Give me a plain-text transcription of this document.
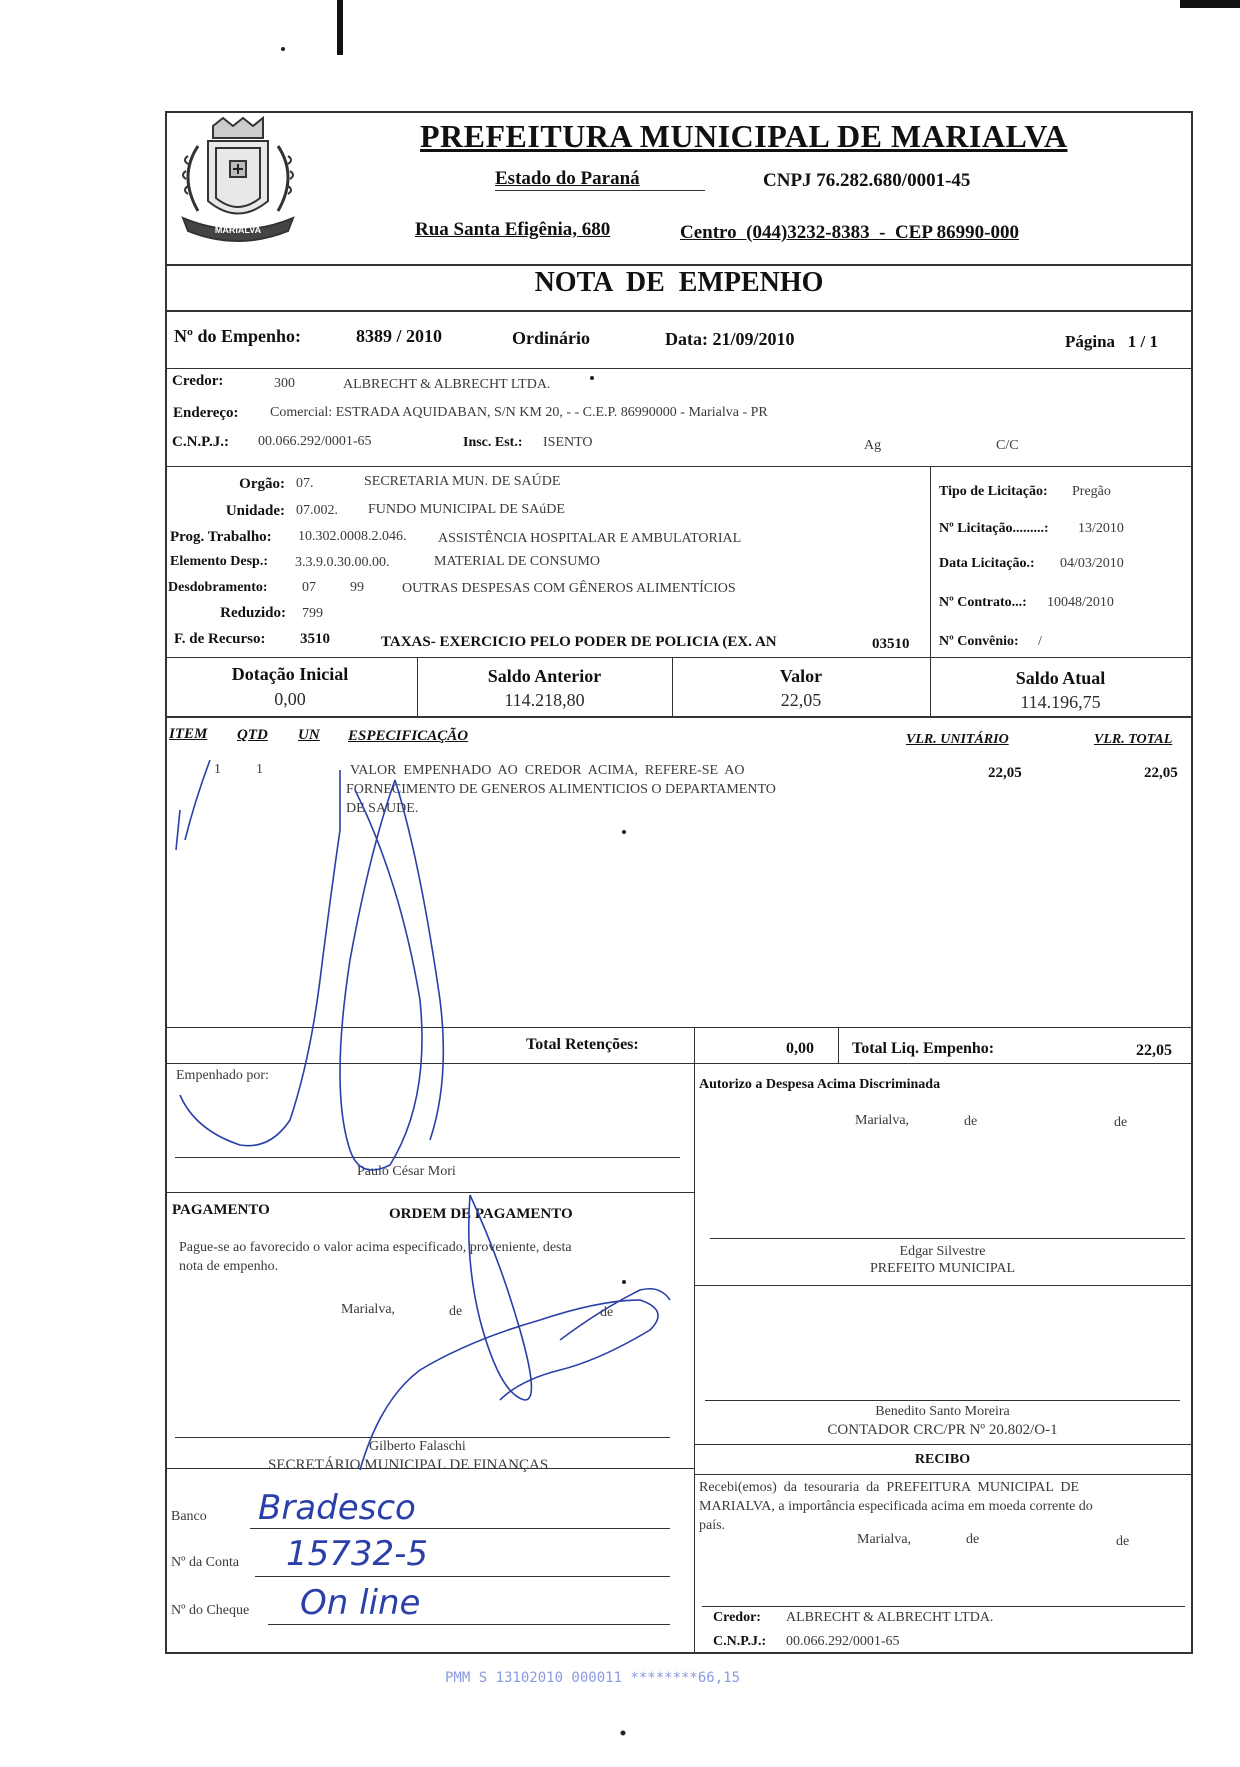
MARIALVA
PREFEITURA MUNICIPAL DE MARIALVA
Estado do Paraná	CNPJ 76.282.680/0001-45
Rua Santa Efigênia, 680	Centro  (044)3232-8383  -  CEP 86990-000
NOTA  DE  EMPENHO
Nº do Empenho:	8389 / 2010	Ordinário	Data: 21/09/2010	Página   1 / 1
Credor:	300	ALBRECHT & ALBRECHT LTDA.
Endereço: Comercial: ESTRADA AQUIDABAN, S/N KM 20, - - C.E.P. 86990000 - Marialva - PR
C.N.P.J.: 00.066.292/0001-65	Insc. Est.: ISENTO	Ag	C/C
Orgão: 07.	SECRETARIA MUN. DE SAÚDE
Unidade: 07.002. FUNDO MUNICIPAL DE SAúDE
Prog. Trabalho: 10.302.0008.2.046. ASSISTÊNCIA HOSPITALAR E AMBULATORIAL
Elemento Desp.: 3.3.9.0.30.00.00.	MATERIAL DE CONSUMO
Desdobramento: 07 99	OUTRAS DESPESAS COM GÊNEROS ALIMENTÍCIOS
Reduzido: 799
F. de Recurso: 3510	TAXAS- EXERCICIO PELO PODER DE POLICIA (EX. AN	03510
Tipo de Licitação: Pregão
Nº Licitação.........: 13/2010
Data Licitação.: 04/03/2010
Nº Contrato...: 10048/2010
Nº Convênio: /
Dotação Inicial
0,00
Saldo Anterior
114.218,80
Valor
22,05
Saldo Atual
114.196,75
ITEM QTD UN ESPECIFICAÇÃO	VLR. UNITÁRIO	VLR. TOTAL
1	1	VALOR  EMPENHADO  AO  CREDOR  ACIMA,  REFERE-SE  AO
FORNECIMENTO DE GENEROS ALIMENTICIOS O DEPARTAMENTO
DE SAUDE.
22,05	22,05
Total Retenções:	0,00 Total Liq. Empenho:	22,05
Empenhado por:
Paulo César Mori
Autorizo a Despesa Acima Discriminada
Marialva,	de	de
Edgar Silvestre
PREFEITO MUNICIPAL
PAGAMENTO	ORDEM DE PAGAMENTO
Pague-se ao favorecido o valor acima especificado, proveniente, desta
nota de empenho.
Marialva,	de	de
Gilberto Falaschi
SECRETÁRIO MUNICIPAL DE FINANÇAS
Banco Bradesco
Nº da Conta 15732-5
Nº do Cheque On line
Benedito Santo Moreira
CONTADOR CRC/PR Nº 20.802/O-1
RECIBO
Recebi(emos)  da  tesouraria  da  PREFEITURA  MUNICIPAL  DE
MARIALVA, a importância especificada acima em moeda corrente do
país.
Marialva,	de	de
Credor: ALBRECHT & ALBRECHT LTDA.
C.N.P.J.: 00.066.292/0001-65
PMM S 13102010 000011 ********66,15
